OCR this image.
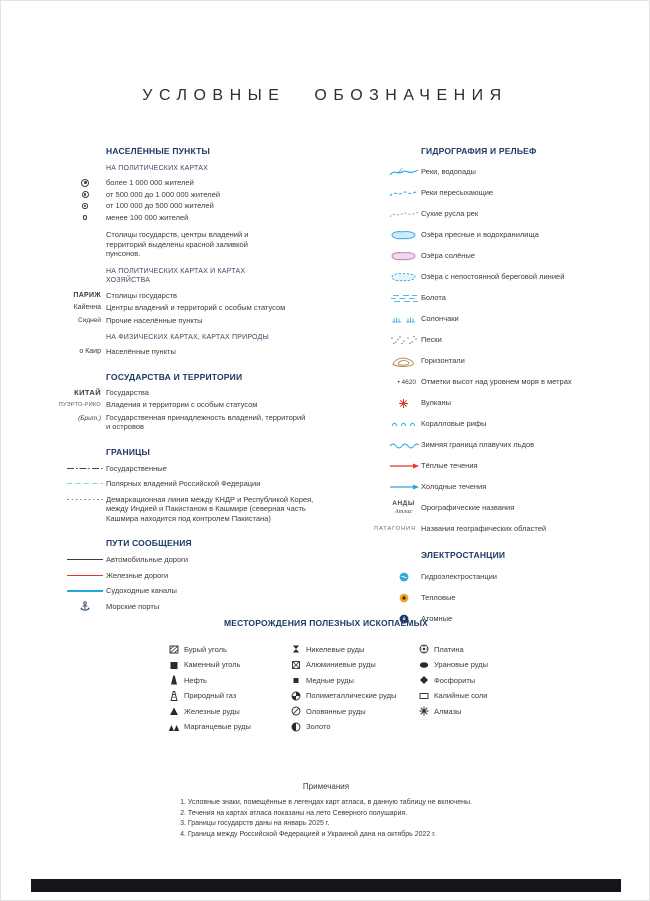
УСЛОВНЫЕ ОБОЗНАЧЕНИЯ
НАСЕЛЁННЫЕ ПУНКТЫ
НА ПОЛИТИЧЕСКИХ КАРТАХ
более 1 000 000 жителей
от 500 000 до 1 000 000 жителей
от 100 000 до 500 000 жителей
менее 100 000 жителей

Столицы государств, центры владений и территорий выделены красной заливкой пунсонов.

НА ПОЛИТИЧЕСКИХ КАРТАХ И КАРТАХ ХОЗЯЙСТВА
ПАРИЖ Столицы государств
Кайенна Центры владений и территорий с особым статусом
Сидней Прочие населённые пункты
НА ФИЗИЧЕСКИХ КАРТАХ, КАРТАХ ПРИРОДЫ
о Каир Населённые пункты
ГОСУДАРСТВА И ТЕРРИТОРИИ
КИТАЙ Государства
ПУЭРТО-РИКО Владения и территории с особым статусом
(Брит.) Государственная принадлежность владений, территорий и островов
ГРАНИЦЫ
Государственные
Полярных владений Российской Федерации
Демаркационная линия между КНДР и Республикой Корея, между Индией и Пакистаном в Кашмире (северная часть Кашмира находится под контролем Пакистана)
ПУТИ СООБЩЕНИЯ
Автомобильные дороги
Железные дороги
Судоходные каналы
Морские порты
ГИДРОГРАФИЯ И РЕЛЬЕФ
Реки, водопады
Реки пересыхающие
Сухие русла рек
Озёра пресные и водохранилища
Озёра солёные
Озёра с непостоянной береговой линией
Болота
Солончаки
Пески
Горизонтали
• 4620 Отметки высот над уровнем моря в метрах
Вулканы
Коралловые рифы
Зимняя граница плавучих льдов
Тёплые течения
Холодные течения
АНДЫ
Атлас Орографические названия
ПАТАГОНИЯ Названия географических областей
ЭЛЕКТРОСТАНЦИИ
Гидроэлектростанции
Тепловые
Атомные
МЕСТОРОЖДЕНИЯ ПОЛЕЗНЫХ ИСКОПАЕМЫХ
Бурый уголь
Каменный уголь
Нефть
Природный газ
Железные руды
Марганцевые руды
Никелевые руды
Алюминиевые руды
Медные руды
Полиметаллические руды
Оловянные руды
Золото
Платина
Урановые руды
Фосфориты
Калийные соли
Алмазы
Примечания
1. Условные знаки, помещённые в легендах карт атласа, в данную таблицу не включены.
2. Течения на картах атласа показаны на лето Северного полушария.
3. Границы государств даны на январь 2025 г.
4. Граница между Российской Федерацией и Украиной дана на октябрь 2022 г.
